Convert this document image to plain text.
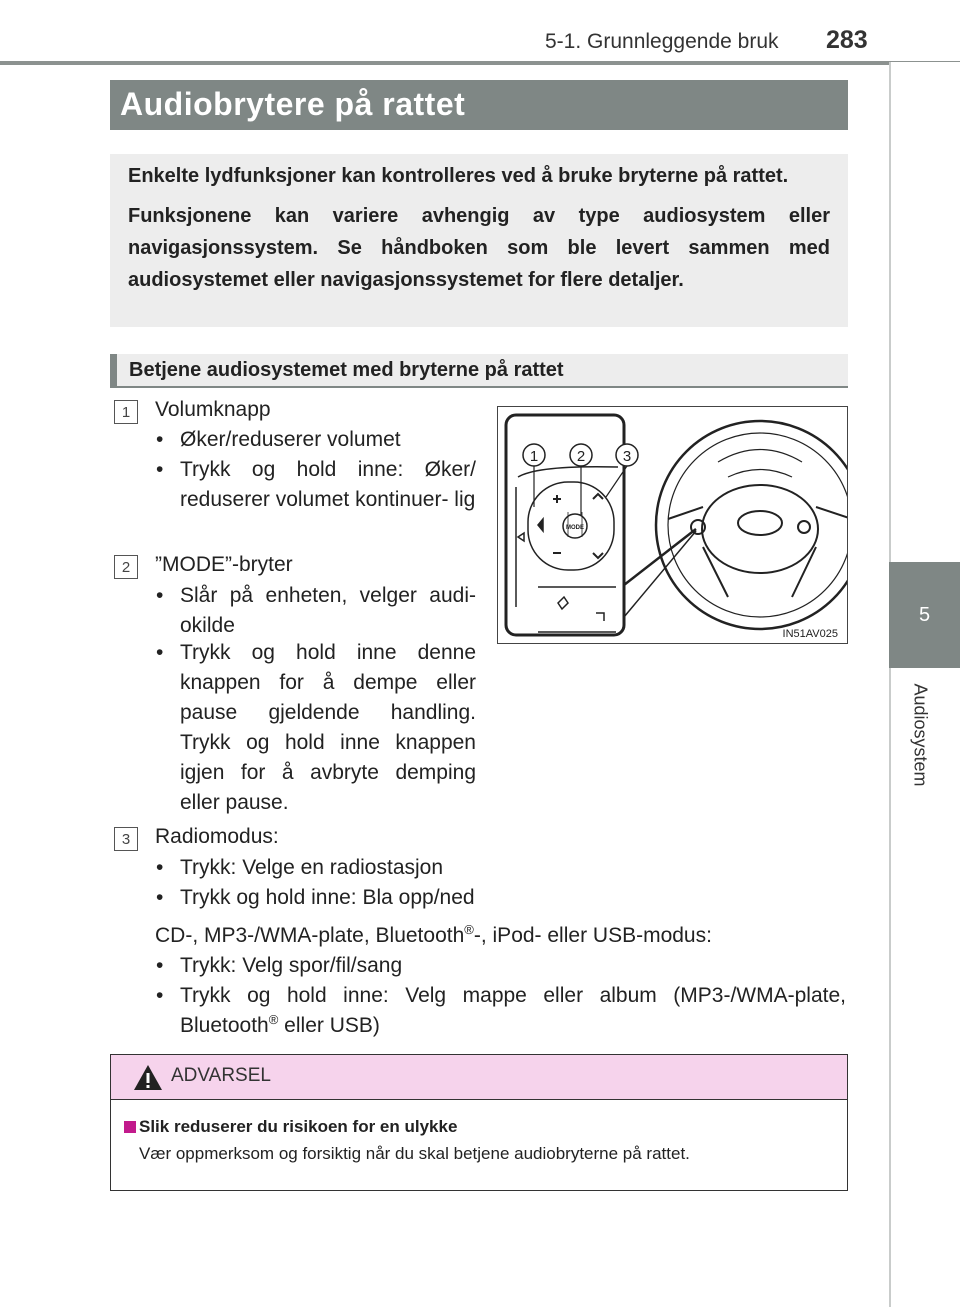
5-1. Grunnleggende bruk 283
5
Audiosystem
Audiobrytere på rattet

Enkelte lydfunksjoner kan kontrolleres ved å bruke bryterne på rattet.

Funksjonene kan variere avhengig av type audiosystem eller navigasjonssystem. Se håndboken som ble levert sammen med audiosystemet eller navigasjonssystemet for flere detaljer.

Betjene audiosystemet med bryterne på rattet
1	Volumknapp
• Øker/reduserer volumet
• Trykk og hold inne: Øker/ reduserer volumet kontinuer- lig
2	”MODE”-bryter
• Slår på enheten, velger audi- okilde
• Trykk og hold inne denne knappen for å dempe eller pause gjeldende handling. Trykk og hold inne knappen igjen for å avbryte demping eller pause.
3	Radiomodus:
• Trykk: Velge en radiostasjon
• Trykk og hold inne: Bla opp/ned
CD-, MP3-/WMA-plate, Bluetooth®-, iPod- eller USB-modus:
• Trykk: Velg spor/fil/sang
• Trykk og hold inne: Velg mappe eller album (MP3-/WMA-plate, Bluetooth® eller USB)
MODE
1	2	3
IN51AV025
ADVARSEL
Slik reduserer du risikoen for en ulykke
Vær oppmerksom og forsiktig når du skal betjene audiobryterne på rattet.
